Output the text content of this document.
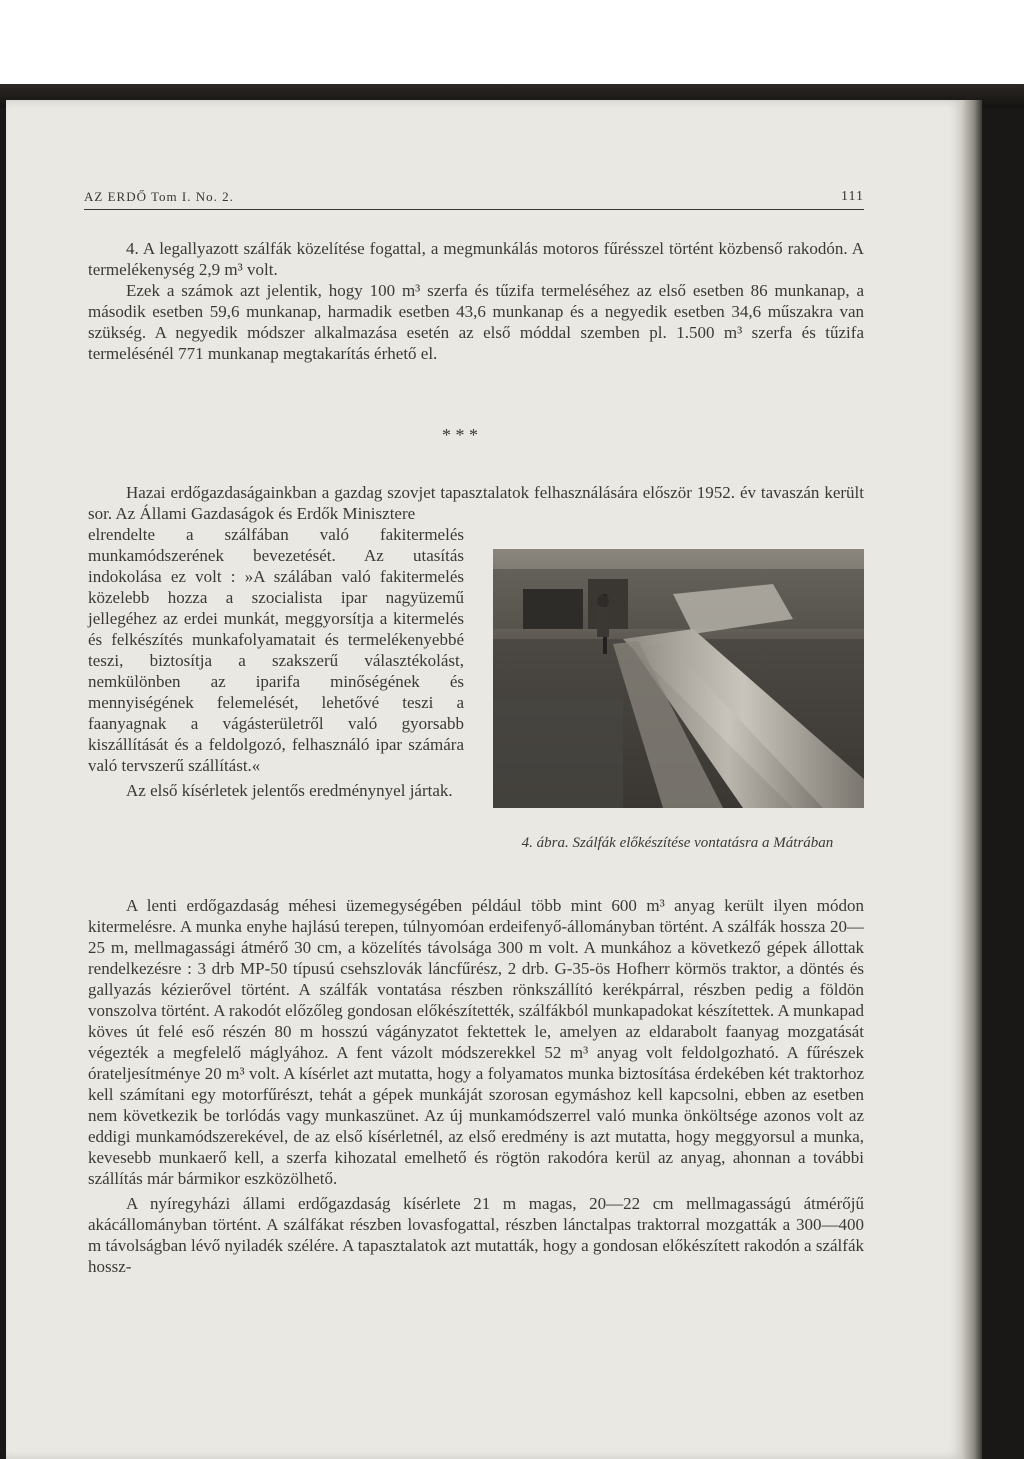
AZ ERDŐ Tom I. No. 2.	111

4. A legallyazott szálfák közelítése fogattal, a megmunkálás motoros fűrésszel történt közbenső rakodón. A termelékenység 2,9 m³ volt.

Ezek a számok azt jelentik, hogy 100 m³ szerfa és tűzifa termeléséhez az első esetben 86 munkanap, a második esetben 59,6 munkanap, harmadik esetben 43,6 munkanap és a negyedik esetben 34,6 műszakra van szükség. A negyedik módszer alkalmazása esetén az első móddal szemben pl. 1.500 m³ szerfa és tűzifa termelésénél 771 munkanap megtakarítás érhető el.

* * *

Hazai erdőgazdaságainkban a gazdag szovjet tapasztalatok felhasználására először 1952. év tavaszán került sor. Az Állami Gazdaságok és Erdők Minisztere

elrendelte a szálfában való fakitermelés munkamódszerének bevezetését. Az utasítás indokolása ez volt : »A szálában való fakitermelés közelebb hozza a szocialista ipar nagyüzemű jellegéhez az erdei munkát, meggyorsítja a kitermelés és felkészítés munkafolyamatait és termelékenyebbé teszi, biztosítja a szakszerű választékolást, nemkülönben az iparifa minőségének és mennyiségének felemelését, lehetővé teszi a faanyagnak a vágásterületről való gyorsabb kiszállítását és a feldolgozó, felhasználó ipar számára való tervszerű szállítást.«

Az első kísérletek jelentős eredménynyel jártak.

4. ábra. Szálfák előkészítése vontatásra a Mátrában

A lenti erdőgazdaság méhesi üzemegységében például több mint 600 m³ anyag került ilyen módon kitermelésre. A munka enyhe hajlású terepen, túlnyomóan erdeifenyő-állományban történt. A szálfák hossza 20—25 m, mellmagassági átmérő 30 cm, a közelítés távolsága 300 m volt. A munkához a következő gépek állottak rendelkezésre : 3 drb MP-50 típusú csehszlovák láncfűrész, 2 drb. G-35-ös Hofherr körmös traktor, a döntés és gallyazás kézierővel történt. A szálfák vontatása részben rönkszállító kerékpárral, részben pedig a földön vonszolva történt. A rakodót előzőleg gondosan előkészítették, szálfákból munkapadokat készítettek. A munkapad köves út felé eső részén 80 m hosszú vágányzatot fektettek le, amelyen az eldarabolt faanyag mozgatását végezték a megfelelő máglyához. A fent vázolt módszerekkel 52 m³ anyag volt feldolgozható. A fűrészek órateljesítménye 20 m³ volt. A kísérlet azt mutatta, hogy a folyamatos munka biztosítása érdekében két traktorhoz kell számítani egy motorfűrészt, tehát a gépek munkáját szorosan egymáshoz kell kapcsolni, ebben az esetben nem következik be torlódás vagy munkaszünet. Az új munkamódszerrel való munka önköltsége azonos volt az eddigi munkamódszerekével, de az első kísérletnél, az első eredmény is azt mutatta, hogy meggyorsul a munka, kevesebb munkaerő kell, a szerfa kihozatal emelhető és rögtön rakodóra kerül az anyag, ahonnan a további szállítás már bármikor eszközölhető.

A nyíregyházi állami erdőgazdaság kísérlete 21 m magas, 20—22 cm mellmagasságú átmérőjű akácállományban történt. A szálfákat részben lovasfogattal, részben lánctalpas traktorral mozgatták a 300—400 m távolságban lévő nyiladék szélére. A tapasztalatok azt mutatták, hogy a gondosan előkészített rakodón a szálfák hossz-
